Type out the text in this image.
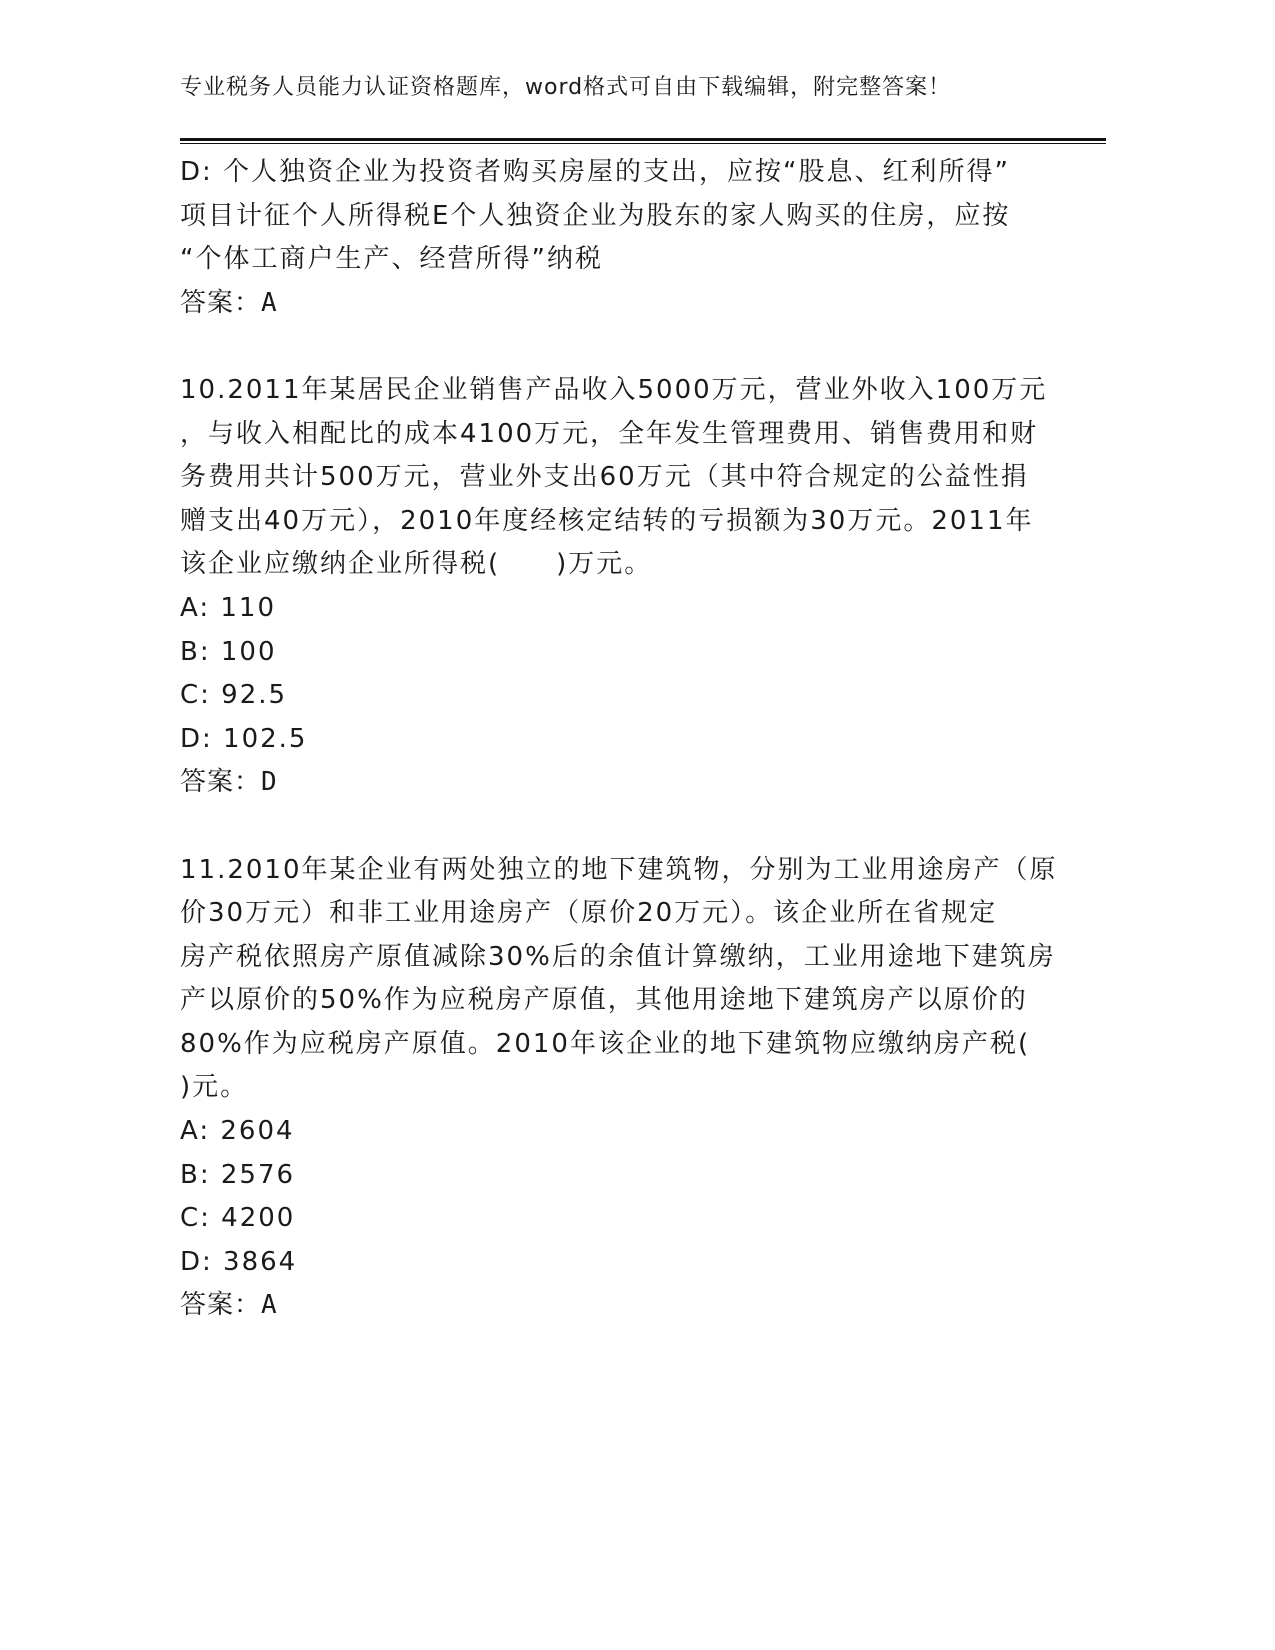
专业税务人员能力认证资格题库，word格式可自由下载编辑，附完整答案！

D: 个人独资企业为投资者购买房屋的支出，应按“股息、红利所得”

项目计征个人所得税E个人独资企业为股东的家人购买的住房，应按

“个体工商户生产、经营所得”纳税

答案：A

10.2011年某居民企业销售产品收入5000万元，营业外收入100万元

，与收入相配比的成本4100万元，全年发生管理费用、销售费用和财

务费用共计500万元，营业外支出60万元（其中符合规定的公益性捐

赠支出40万元），2010年度经核定结转的亏损额为30万元。2011年

该企业应缴纳企业所得税(　　)万元。

A: 110

B: 100

C: 92.5

D: 102.5

答案：D

11.2010年某企业有两处独立的地下建筑物，分别为工业用途房产（原

价30万元）和非工业用途房产（原价20万元）。该企业所在省规定

房产税依照房产原值减除30%后的余值计算缴纳，工业用途地下建筑房

产以原价的50%作为应税房产原值，其他用途地下建筑房产以原价的

80%作为应税房产原值。2010年该企业的地下建筑物应缴纳房产税(

)元。

A: 2604

B: 2576

C: 4200

D: 3864

答案：A
